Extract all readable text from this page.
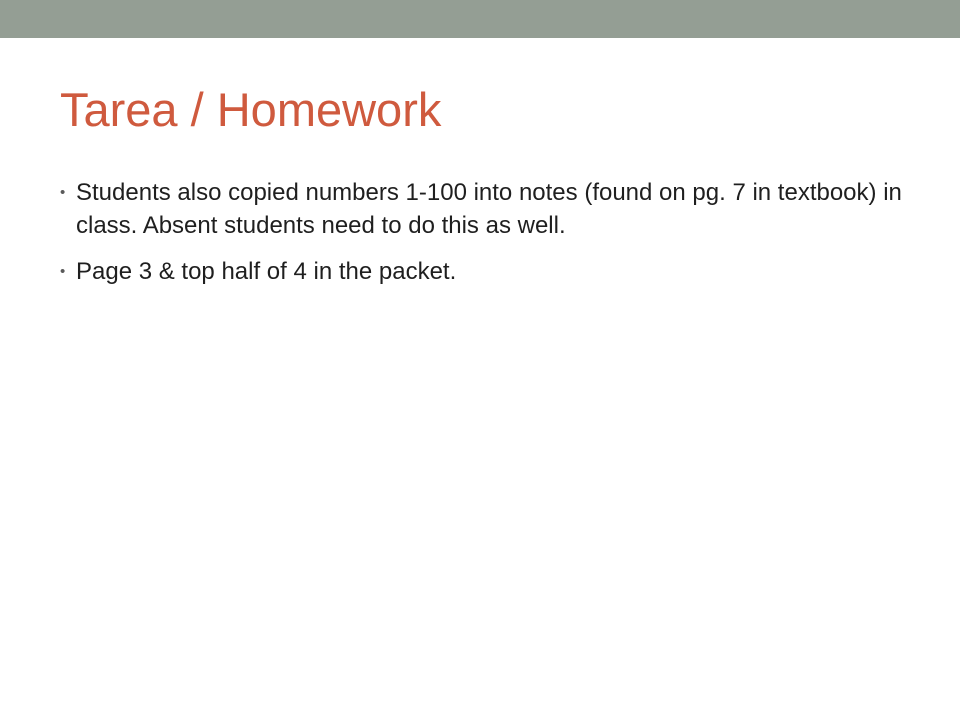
Tarea / Homework
• Students also copied numbers 1-100 into notes (found on pg. 7 in textbook) in class. Absent students need to do this as well.
• Page 3 & top half of 4 in the packet.
